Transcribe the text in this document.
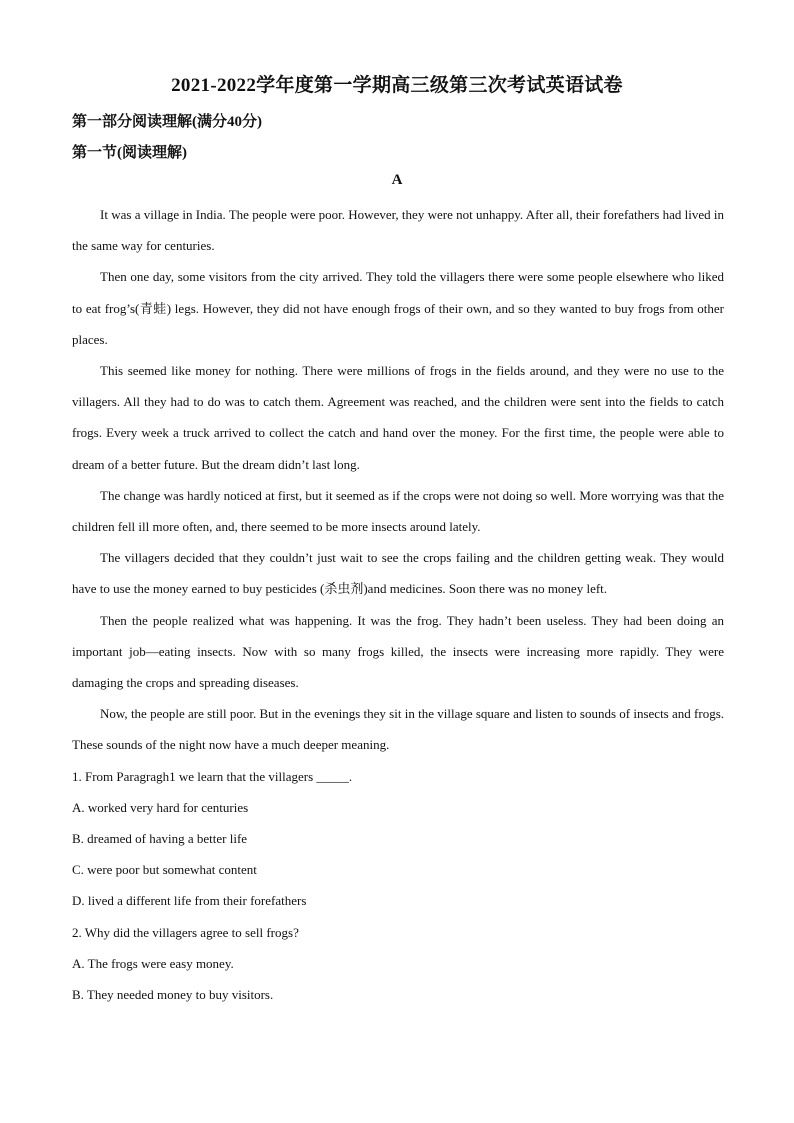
2021-2022学年度第一学期高三级第三次考试英语试卷
第一部分阅读理解(满分40分)
第一节(阅读理解)
A

It was a village in India. The people were poor. However, they were not unhappy. After all, their forefathers had lived in the same way for centuries.

Then one day, some visitors from the city arrived. They told the villagers there were some people elsewhere who liked to eat frog’s(青蛙) legs. However, they did not have enough frogs of their own, and so they wanted to buy frogs from other places.

This seemed like money for nothing. There were millions of frogs in the fields around, and they were no use to the villagers. All they had to do was to catch them. Agreement was reached, and the children were sent into the fields to catch frogs. Every week a truck arrived to collect the catch and hand over the money. For the first time, the people were able to dream of a better future. But the dream didn’t last long.

The change was hardly noticed at first, but it seemed as if the crops were not doing so well. More worrying was that the children fell ill more often, and, there seemed to be more insects around lately.

The villagers decided that they couldn’t just wait to see the crops failing and the children getting weak. They would have to use the money earned to buy pesticides (杀虫剂)and medicines. Soon there was no money left.

Then the people realized what was happening. It was the frog. They hadn’t been useless. They had been doing an important job—eating insects. Now with so many frogs killed, the insects were increasing more rapidly. They were damaging the crops and spreading diseases.

Now, the people are still poor. But in the evenings they sit in the village square and listen to sounds of insects and frogs. These sounds of the night now have a much deeper meaning.

1. From Paragragh1 we learn that the villagers _____.

A. worked very hard for centuries

B. dreamed of having a better life

C. were poor but somewhat content

D. lived a different life from their forefathers

2. Why did the villagers agree to sell frogs?

A. The frogs were easy money.

B. They needed money to buy visitors.
